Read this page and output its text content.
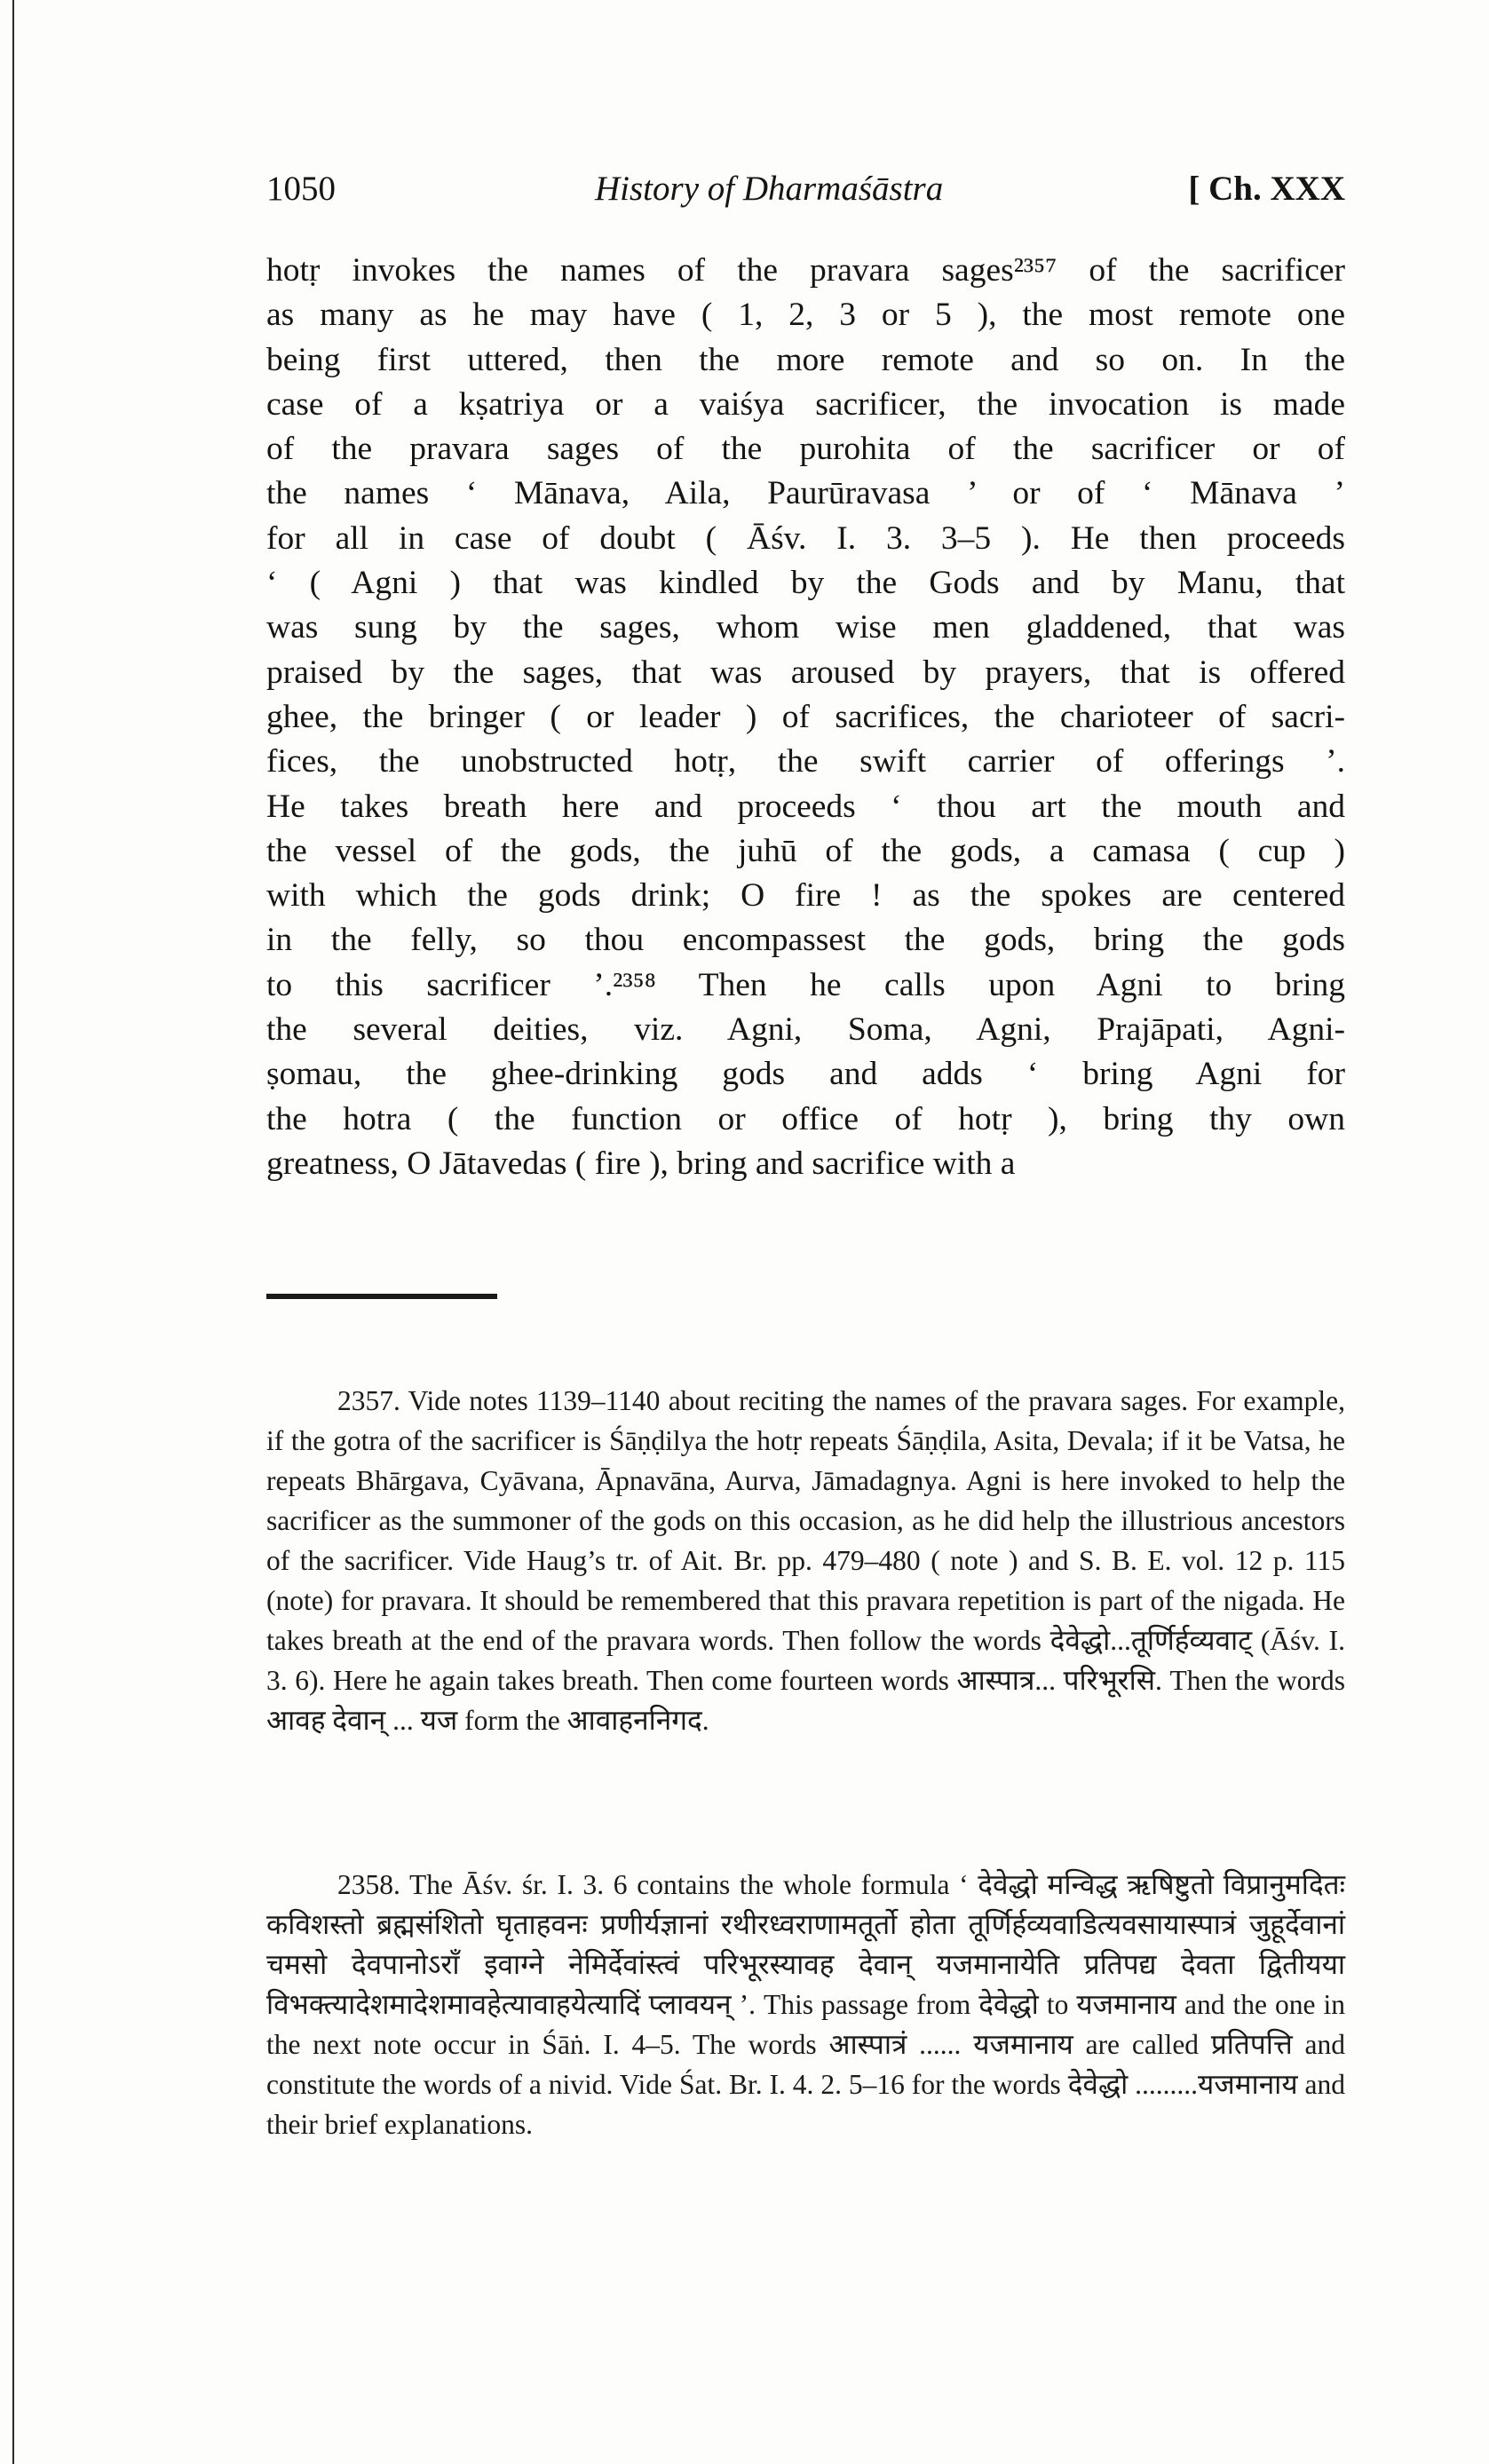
1050	History of Dharmaśāstra	[ Ch. XXX
hotṛ invokes the names of the pravara sages²³⁵⁷ of the sacrificer
as many as he may have ( 1, 2, 3 or 5 ), the most remote one
being first uttered, then the more remote and so on. In the
case of a kṣatriya or a vaiśya sacrificer, the invocation is made
of the pravara sages of the purohita of the sacrificer or of
the names ‘ Mānava, Aila, Paurūravasa ’ or of ‘ Mānava ’
for all in case of doubt ( Āśv. I. 3. 3–5 ). He then proceeds
‘ ( Agni ) that was kindled by the Gods and by Manu, that
was sung by the sages, whom wise men gladdened, that was
praised by the sages, that was aroused by prayers, that is offered
ghee, the bringer ( or leader ) of sacrifices, the charioteer of sacri-
fices, the unobstructed hotṛ, the swift carrier of offerings ’.
He takes breath here and proceeds ‘ thou art the mouth and
the vessel of the gods, the juhū of the gods, a camasa ( cup )
with which the gods drink; O fire ! as the spokes are centered
in the felly, so thou encompassest the gods, bring the gods
to this sacrificer ’.²³⁵⁸ Then he calls upon Agni to bring
the several deities, viz. Agni, Soma, Agni, Prajāpati, Agni-
ṣomau, the ghee-drinking gods and adds ‘ bring Agni for
the hotra ( the function or office of hotṛ ), bring thy own
greatness, O Jātavedas ( fire ), bring and sacrifice with a

2357. Vide notes 1139–1140 about reciting the names of the pravara sages. For example, if the gotra of the sacrificer is Śāṇḍilya the hotṛ repeats Śāṇḍila, Asita, Devala; if it be Vatsa, he repeats Bhārgava, Cyāvana, Āpnavāna, Aurva, Jāmadagnya. Agni is here invoked to help the sacrificer as the summoner of the gods on this occasion, as he did help the illustrious ancestors of the sacrificer. Vide Haug’s tr. of Ait. Br. pp. 479–480 ( note ) and S. B. E. vol. 12 p. 115 (note) for pravara. It should be remembered that this pravara repetition is part of the nigada. He takes breath at the end of the pravara words. Then follow the words देवेद्धो...तूर्णिर्हव्यवाट् (Āśv. I. 3. 6). Here he again takes breath. Then come fourteen words आस्पात्र... परिभूरसि. Then the words आवह देवान् ... यज form the आवाहननिगद.

2358. The Āśv. śr. I. 3. 6 contains the whole formula ‘ देवेद्धो मन्विद्ध ऋषिष्टुतो विप्रानुमदितः कविशस्तो ब्रह्मसंशितो घृताहवनः प्रणीर्यज्ञानां रथीरध्वराणामतूर्तो होता तूर्णिर्हव्यवाडित्यवसायास्पात्रं जुहूर्देवानां चमसो देवपानोऽराँ इवाग्ने नेमिर्देवांस्त्वं परिभूरस्यावह देवान् यजमानायेति प्रतिपद्य देवता द्वितीयया विभक्त्यादेशमादेशमावहेत्यावाहयेत्यादिं प्लावयन् ’. This passage from देवेद्धो to यजमानाय and the one in the next note occur in Śāṅ. I. 4–5. The words आस्पात्रं ...... यजमानाय are called प्रतिपत्ति and constitute the words of a nivid. Vide Śat. Br. I. 4. 2. 5–16 for the words देवेद्धो .........यजमानाय and their brief explanations.
